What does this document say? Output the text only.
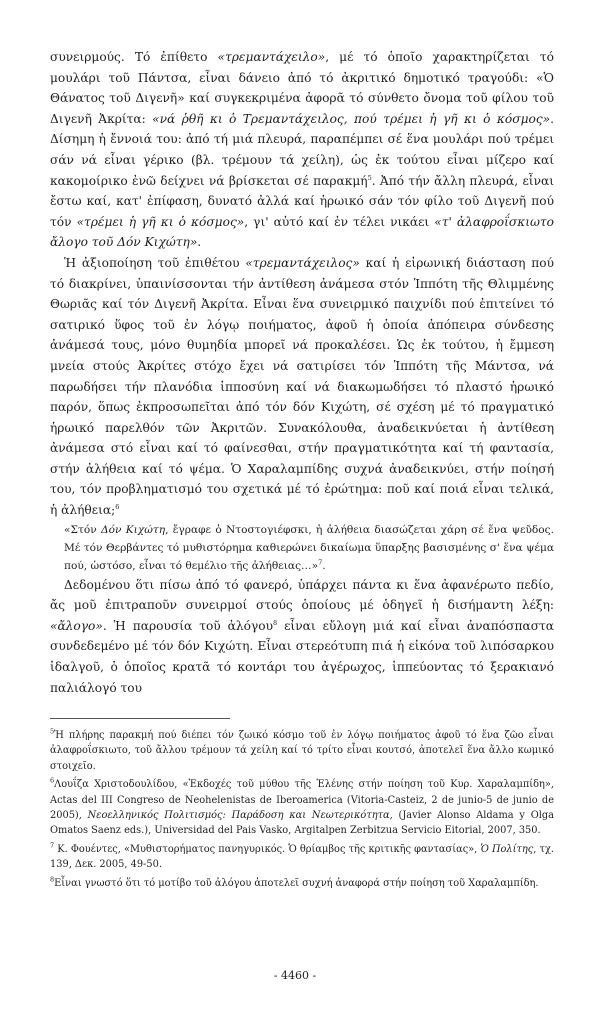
συνειρμούς. Τό ἐπίθετο «τρεμαντάχειλο», μέ τό ὁποῖο χαρακτηρίζεται τό μουλάρι τοῦ Πάντσα, εἶναι δάνειο ἀπό τό ἀκριτικό δημοτικό τραγούδι: «Ὁ Θάνατος τοῦ Διγενῆ» καί συγκεκριμένα ἀφορᾶ τό σύνθετο ὄνομα τοῦ φίλου τοῦ Διγενῆ Ἀκρίτα: «νά ῥθῆ κι ὁ Τρεμαντάχειλος, πού τρέμει ἡ γῆ κι ὁ κόσμος». Δίσημη ἡ ἔννοιά του: ἀπό τή μιά πλευρά, παραπέμπει σέ ἕνα μουλάρι πού τρέμει σάν νά εἶναι γέρικο (βλ. τρέμουν τά χείλη), ὡς ἐκ τούτου εἶναι μίζερο καί κακομοίρικο ἐνῶ δείχνει νά βρίσκεται σέ παρακμή$^5$. Ἀπό τήν ἄλλη πλευρά, εἶναι ἔστω καί, κατ' ἐπίφαση, δυνατό ἀλλά καί ἡρωικό σάν τόν φίλο τοῦ Διγενῆ πού τόν «τρέμει ἡ γῆ κι ὁ κόσμος», γι' αὐτό καί ἐν τέλει νικάει «τ' ἀλαφροΐσκιωτο ἄλογο τοῦ Δόν Κιχώτη».

Ἡ ἀξιοποίηση τοῦ ἐπιθέτου «τρεμαντάχειλος» καί ἡ εἰρωνική διάσταση πού τό διακρίνει, ὑπαινίσσονται τήν ἀντίθεση ἀνάμεσα στόν Ἱππότη τῆς Θλιμμένης Θωριᾶς καί τόν Διγενῆ Ἀκρίτα. Εἶναι ἕνα συνειρμικό παιχνίδι πού ἐπιτείνει τό σατιρικό ὕφος τοῦ ἐν λόγῳ ποιήματος, ἀφοῦ ἡ ὁποία ἀπόπειρα σύνδεσης ἀνάμεσά τους, μόνο θυμηδία μπορεῖ νά προκαλέσει. Ὡς ἐκ τούτου, ἡ ἔμμεση μνεία στούς Ἀκρίτες στόχο ἔχει νά σατιρίσει τόν Ἱππότη τῆς Μάντσα, νά παρωδήσει τήν πλανόδια ἱπποσύνη καί νά διακωμωδήσει τό πλαστό ἡρωικό παρόν, ὅπως ἐκπροσωπεῖται ἀπό τόν δόν Κιχώτη, σέ σχέση μέ τό πραγματικό ἡρωικό παρελθόν τῶν Ἀκριτῶν. Συνακόλουθα, ἀναδεικνύεται ἡ ἀντίθεση ἀνάμεσα στό εἶναι καί τό φαίνεσθαι, στήν πραγματικότητα καί τή φαντασία, στήν ἀλήθεια καί τό ψέμα. Ὁ Χαραλαμπίδης συχνά ἀναδεικνύει, στήν ποίησή του, τόν προβληματισμό του σχετικά μέ τό ἐρώτημα: ποῦ καί ποιά εἶναι τελικά, ἡ ἀλήθεια;$^6$

«Στόν Δόν Κιχώτη, ἔγραφε ὁ Ντοστογιέφσκι, ἡ ἀλήθεια διασώζεται χάρη σέ ἕνα ψεῦδος. Μέ τόν Θερβάντες τό μυθιστόρημα καθιερώνει δικαίωμα ὕπαρξης βασισμένης σ' ἕνα ψέμα πού, ὡστόσο, εἶναι τό θεμέλιο τῆς ἀλήθειας…»$^7$.

Δεδομένου ὅτι πίσω ἀπό τό φανερό, ὑπάρχει πάντα κι ἕνα ἀφανέρωτο πεδίο, ἄς μοῦ ἐπιτραποῦν συνειρμοί στούς ὁποίους μέ ὁδηγεῖ ἡ δισήμαντη λέξη: «ἄλογο». Ἡ παρουσία τοῦ ἀλόγου$^8$ εἶναι εὔλογη μιά καί εἶναι ἀναπόσπαστα συνδεδεμένο μέ τόν δόν Κιχώτη. Εἶναι στερεότυπη πιά ἡ εἰκόνα τοῦ λιπόσαρκου ἱδαλγοῦ, ὁ ὁποῖος κρατᾶ τό κοντάρι του ἀγέρωχος, ἱππεύοντας τό ξερακιανό παλιάλογό του

$^5$Ἡ πλήρης παρακμή πού διέπει τόν ζωικό κόσμο τοῦ ἐν λόγῳ ποιήματος ἀφοῦ τό ἕνα ζῶο εἶναι ἀλαφροΐσκιωτο, τοῦ ἄλλου τρέμουν τά χείλη καί τό τρίτο εἶναι κουτσό, ἀποτελεῖ ἕνα ἄλλο κωμικό στοιχεῖο.

$^6$Λουΐζα Χριστοδουλίδου, «Ἐκδοχές τοῦ μύθου τῆς Ἑλένης στήν ποίηση τοῦ Κυρ. Χαραλαμπίδη», Actas del III Congreso de Neohelenistas de Iberoamerica (Vitoria-Casteiz, 2 de junio-5 de junio de 2005), Νεοελληνικός Πολιτισμός: Παράδοση και Νεωτερικότητα, (Javier Alonso Aldama y Olga Omatos Saenz eds.), Universidad del Pais Vasko, Argitalpen Zerbitzua Servicio Eitorial, 2007, 350.

$^7$ Κ. Φουέντες, «Μυθιστορήματος πανηγυρικός. Ὁ θρίαμβος τῆς κριτικῆς φαντασίας», Ὁ Πολίτης, τχ. 139, Δεκ. 2005, 49-50.

$^8$Εἶναι γνωστό ὅτι τό μοτίβο τοῦ ἀλόγου ἀποτελεῖ συχνή ἀναφορά στήν ποίηση τοῦ Χαραλαμπίδη.

- 4460 -
